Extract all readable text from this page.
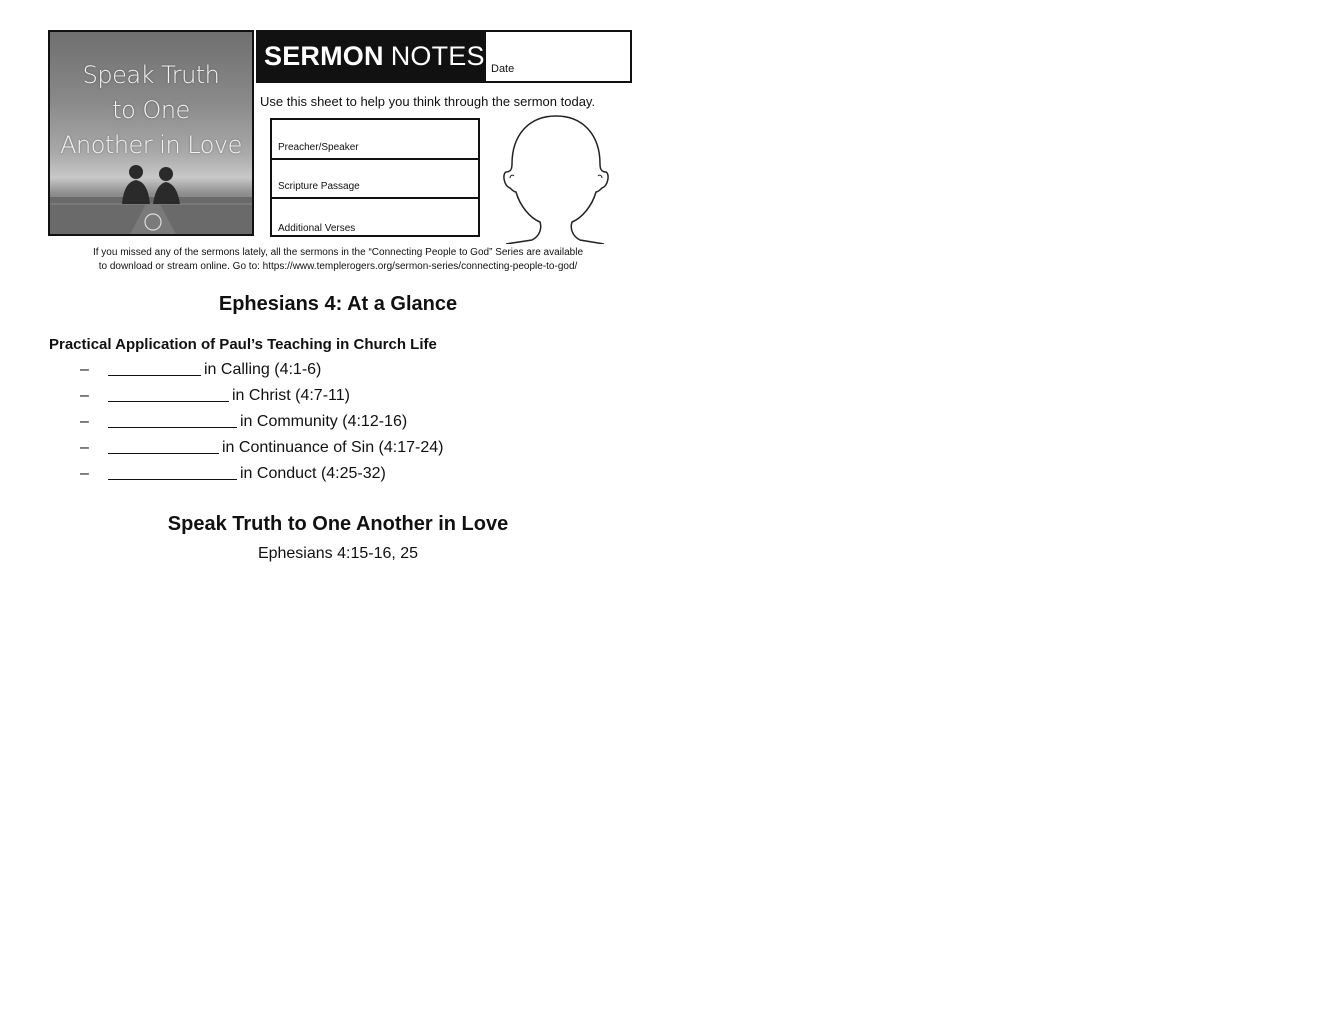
Speak Truth
to One
Another in Love
SERMON NOTES Date
Use this sheet to help you think through the sermon today.
Preacher/Speaker
Scripture Passage
Additional Verses
If you missed any of the sermons lately, all the sermons in the “Connecting People to God” Series are available
to download or stream online. Go to: https://www.templerogers.org/sermon-series/connecting-people-to-god/
Ephesians 4: At a Glance
Practical Application of Paul’s Teaching in Church Life
–	in Calling (4:1-6)
–	in Christ (4:7-11)
–	in Community (4:12-16)
–	in Continuance of Sin (4:17-24)
–	in Conduct (4:25-32)
Speak Truth to One Another in Love
Ephesians 4:15-16, 25
